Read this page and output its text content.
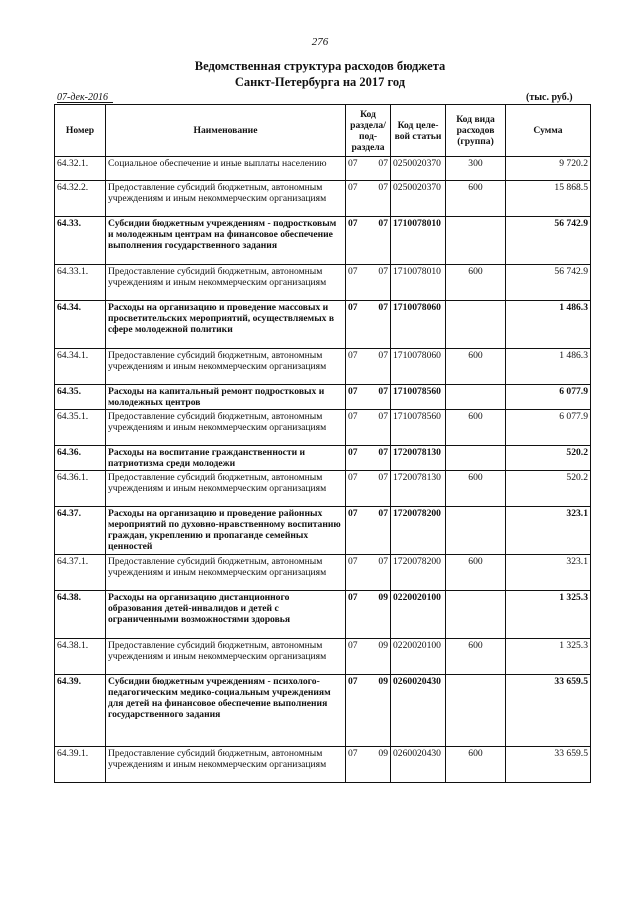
276
Ведомственная структура расходов бюджета
Санкт-Петербурга на 2017 год
07-дек-2016	(тыс. руб.)
Номер	Наименование	Код раздела/ под- раздела	Код целе- вой статьи	Код вида расходов (группа)	Сумма
64.32.1.	Социальное обеспечение и иные выплаты населению	07 07	0250020370	300	9 720.2
64.32.2.	Предоставление субсидий бюджетным, автономным учреждениям и иным некоммерческим организациям	07 07	0250020370	600	15 868.5
64.33.	Субсидии бюджетным учреждениям - подростковым и молодежным центрам на финансовое обеспечение выполнения государственного задания	07 07	1710078010		56 742.9
64.33.1.	Предоставление субсидий бюджетным, автономным учреждениям и иным некоммерческим организациям	07 07	1710078010	600	56 742.9
64.34.	Расходы на организацию и проведение массовых и просветительских мероприятий, осуществляемых в сфере молодежной политики	07 07	1710078060		1 486.3
64.34.1.	Предоставление субсидий бюджетным, автономным учреждениям и иным некоммерческим организациям	07 07	1710078060	600	1 486.3
64.35.	Расходы на капитальный ремонт подростковых и молодежных центров	07 07	1710078560		6 077.9
64.35.1.	Предоставление субсидий бюджетным, автономным учреждениям и иным некоммерческим организациям	07 07	1710078560	600	6 077.9
64.36.	Расходы на воспитание гражданственности и патриотизма среди молодежи	07 07	1720078130		520.2
64.36.1.	Предоставление субсидий бюджетным, автономным учреждениям и иным некоммерческим организациям	07 07	1720078130	600	520.2
64.37.	Расходы на организацию и проведение районных мероприятий по духовно-нравственному воспитанию граждан, укреплению и пропаганде семейных ценностей	07 07	1720078200		323.1
64.37.1.	Предоставление субсидий бюджетным, автономным учреждениям и иным некоммерческим организациям	07 07	1720078200	600	323.1
64.38.	Расходы на организацию дистанционного образования детей-инвалидов и детей с ограниченными возможностями здоровья	07 09	0220020100		1 325.3
64.38.1.	Предоставление субсидий бюджетным, автономным учреждениям и иным некоммерческим организациям	07 09	0220020100	600	1 325.3
64.39.	Субсидии бюджетным учреждениям - психолого-педагогическим медико-социальным учреждениям для детей на финансовое обеспечение выполнения государственного задания	07 09	0260020430		33 659.5
64.39.1.	Предоставление субсидий бюджетным, автономным учреждениям и иным некоммерческим организациям	07 09	0260020430	600	33 659.5
